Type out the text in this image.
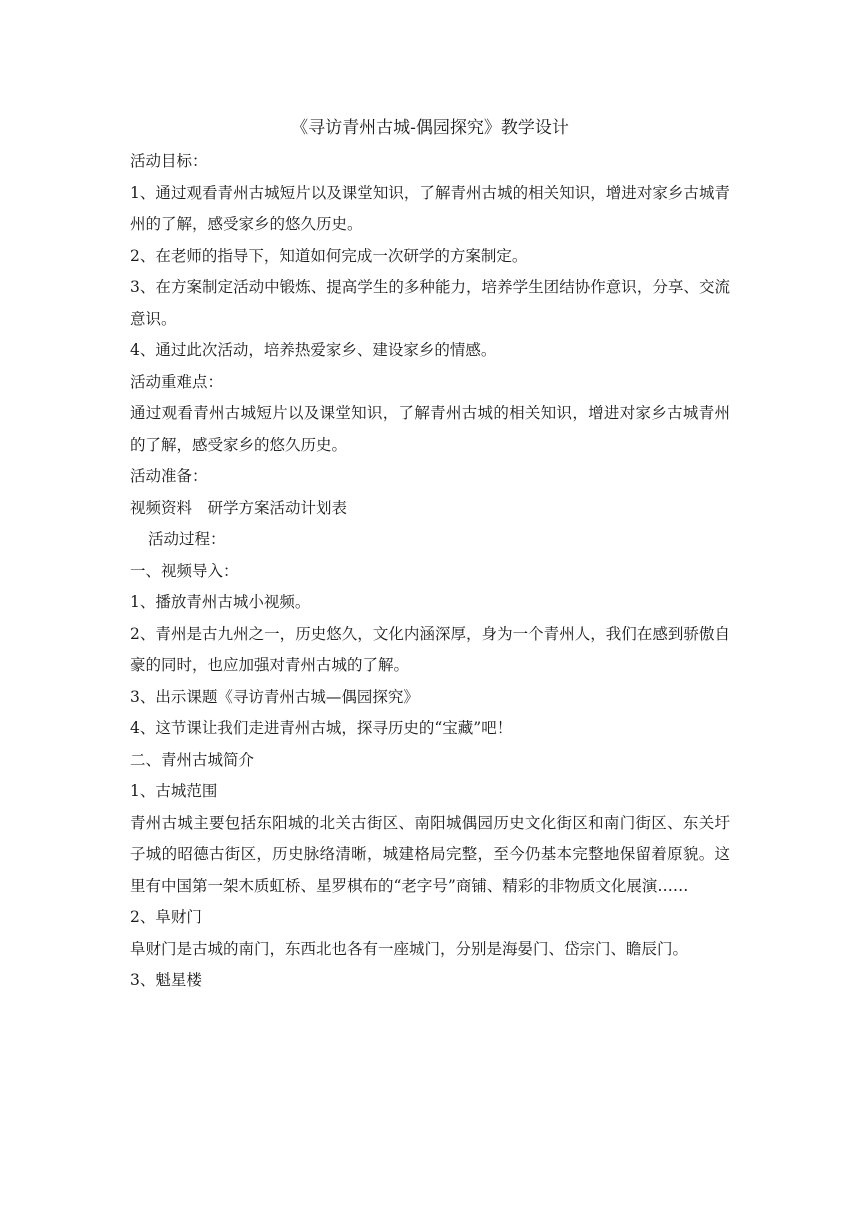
《寻访青州古城-偶园探究》教学设计

活动目标：

1、通过观看青州古城短片以及课堂知识，了解青州古城的相关知识，增进对家乡古城青州的了解，感受家乡的悠久历史。

2、在老师的指导下，知道如何完成一次研学的方案制定。

3、在方案制定活动中锻炼、提高学生的多种能力，培养学生团结协作意识，分享、交流意识。

4、通过此次活动，培养热爱家乡、建设家乡的情感。

活动重难点：

通过观看青州古城短片以及课堂知识，了解青州古城的相关知识，增进对家乡古城青州的了解，感受家乡的悠久历史。

活动准备：

视频资料　研学方案活动计划表

活动过程：

一、视频导入：

1、播放青州古城小视频。

2、青州是古九州之一，历史悠久，文化内涵深厚，身为一个青州人，我们在感到骄傲自豪的同时，也应加强对青州古城的了解。

3、出示课题《寻访青州古城—偶园探究》

4、这节课让我们走进青州古城，探寻历史的“宝藏”吧！

二、青州古城简介

1、古城范围

青州古城主要包括东阳城的北关古街区、南阳城偶园历史文化街区和南门街区、东关圩子城的昭德古街区，历史脉络清晰，城建格局完整，至今仍基本完整地保留着原貌。这里有中国第一架木质虹桥、星罗棋布的“老字号”商铺、精彩的非物质文化展演……

2、阜财门

阜财门是古城的南门，东西北也各有一座城门，分别是海晏门、岱宗门、瞻辰门。

3、魁星楼
